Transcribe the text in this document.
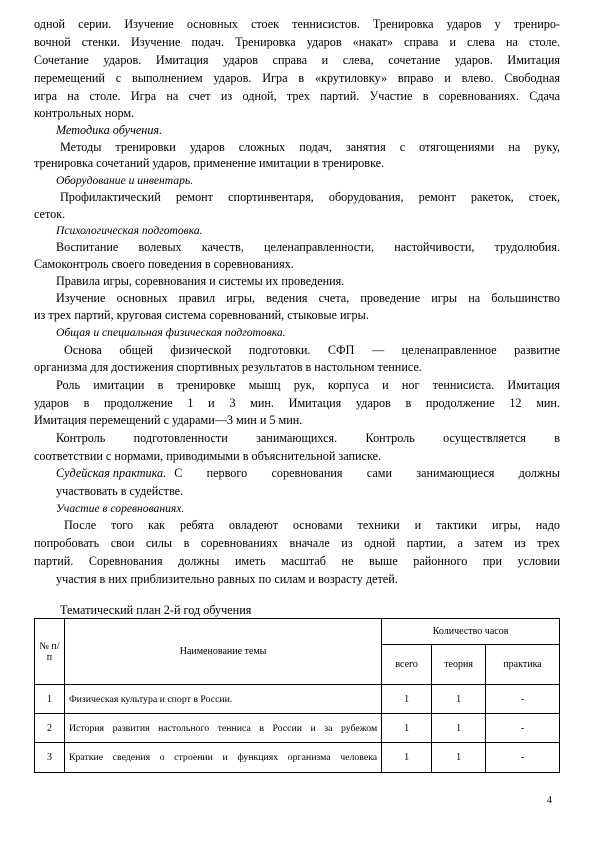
одной серии. Изучение основных стоек теннисистов. Тренировка ударов у трениро-
вочной стенки. Изучение подач. Тренировка ударов «накат» справа и слева на столе.
Сочетание ударов. Имитация ударов справа и слева, сочетание ударов. Имитация
перемещений с выполнением ударов. Игра в «крутиловку» вправо и влево. Свободная
игра на столе. Игра на счет из одной, трех партий. Участие в соревнованиях. Сдача
контрольных норм.
Методика обучения.
Методы тренировки ударов сложных подач, занятия с отягощениями на руку,
тренировка сочетаний ударов, применение имитации в тренировке.
Оборудование и инвентарь.
Профилактический ремонт спортинвентаря, оборудования, ремонт ракеток, стоек,
сеток.
Психологическая подготовка.
Воспитание волевых качеств, целенаправленности, настойчивости, трудолюбия.
Самоконтроль своего поведения в соревнованиях.
Правила игры, соревнования и системы их проведения.
Изучение основных правил игры, ведения счета, проведение игры на большинство
из трех партий, круговая система соревнований, стыковые игры.
Общая и специальная физическая подготовка.
Основа общей физической подготовки. СФП — целенаправленное развитие
организма для достижения спортивных результатов в настольном теннисе.
Роль имитации в тренировке мышц рук, корпуса и ног теннисиста. Имитация
ударов в продолжение 1 и 3 мин. Имитация ударов в продолжение 12 мин.
Имитация перемещений с ударами—3 мин и 5 мин.
Контроль подготовленности занимающихся. Контроль осуществляется в
соответствии с нормами, приводимыми в объяснительной записке.
Судейская практика. С первого соревнования сами занимающиеся должны
участвовать в судействе.
Участие в соревнованиях.
После того как ребята овладеют основами техники и тактики игры, надо
попробовать свои силы в соревнованиях вначале из одной партии, а затем из трех
партий. Соревнования должны иметь масштаб не выше районного при условии
участия в них приблизительно равных по силам и возрасту детей.
Тематический план 2-й год обучения
№ п/п	Наименование темы	Количество часов		
		всего	теория	практика
1	Физическая культура и спорт в России.	1	1	-
2	История развития настольного тенниса в России и за рубежом	1	1	-
3	Краткие сведения о строении и функциях организма человека	1	1	-
4
